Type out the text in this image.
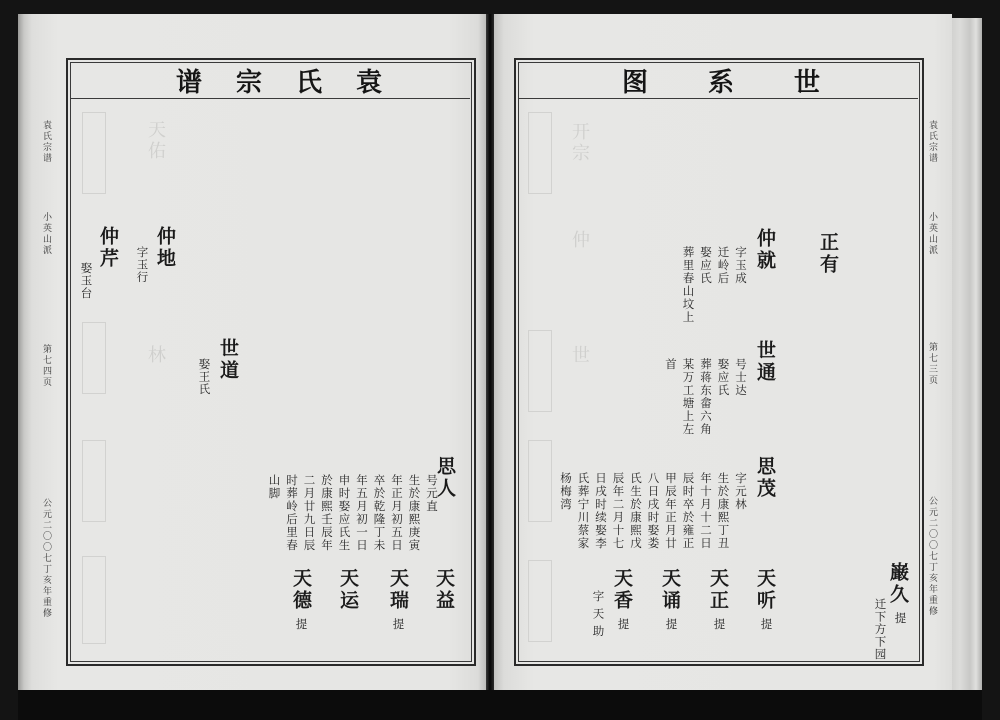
谱宗氏袁	图系世
天佑	开宗
仲
世
林
袁氏宗谱
小英山派
第七四页
公元二〇〇七丁亥年重修
袁氏宗谱
小英山派
第七三页
公元二〇〇七丁亥年重修
仲芹
娶玉台
仲地
字玉行
世道
娶王氏
思人
号元直
生於康熙庚寅
年正月初五日
卒於乾隆丁未
年五月初一日
申时娶应氏生
於康熙壬辰年
二月廿九日辰
时葬岭后里春
山脚
天益
天瑞
提
天运
天德
提
正有
仲就
字玉成
迁岭后
娶应氏
葬里春山坟上
世通
号士达
娶应氏
葬蒋东畲六角
某万工塘上左
首
思茂
字元林
生於康熙丁丑
年十月十二日
辰时卒於雍正
甲辰年正月廿
八日戌时娶娄
氏生於康熙戊
辰年二月十七
日戌时续娶李
氏葬宁川蔡家
杨梅湾
天听
提
天正
提
天诵
提
天香
提
字天助
巌久
提
迁下方下园
